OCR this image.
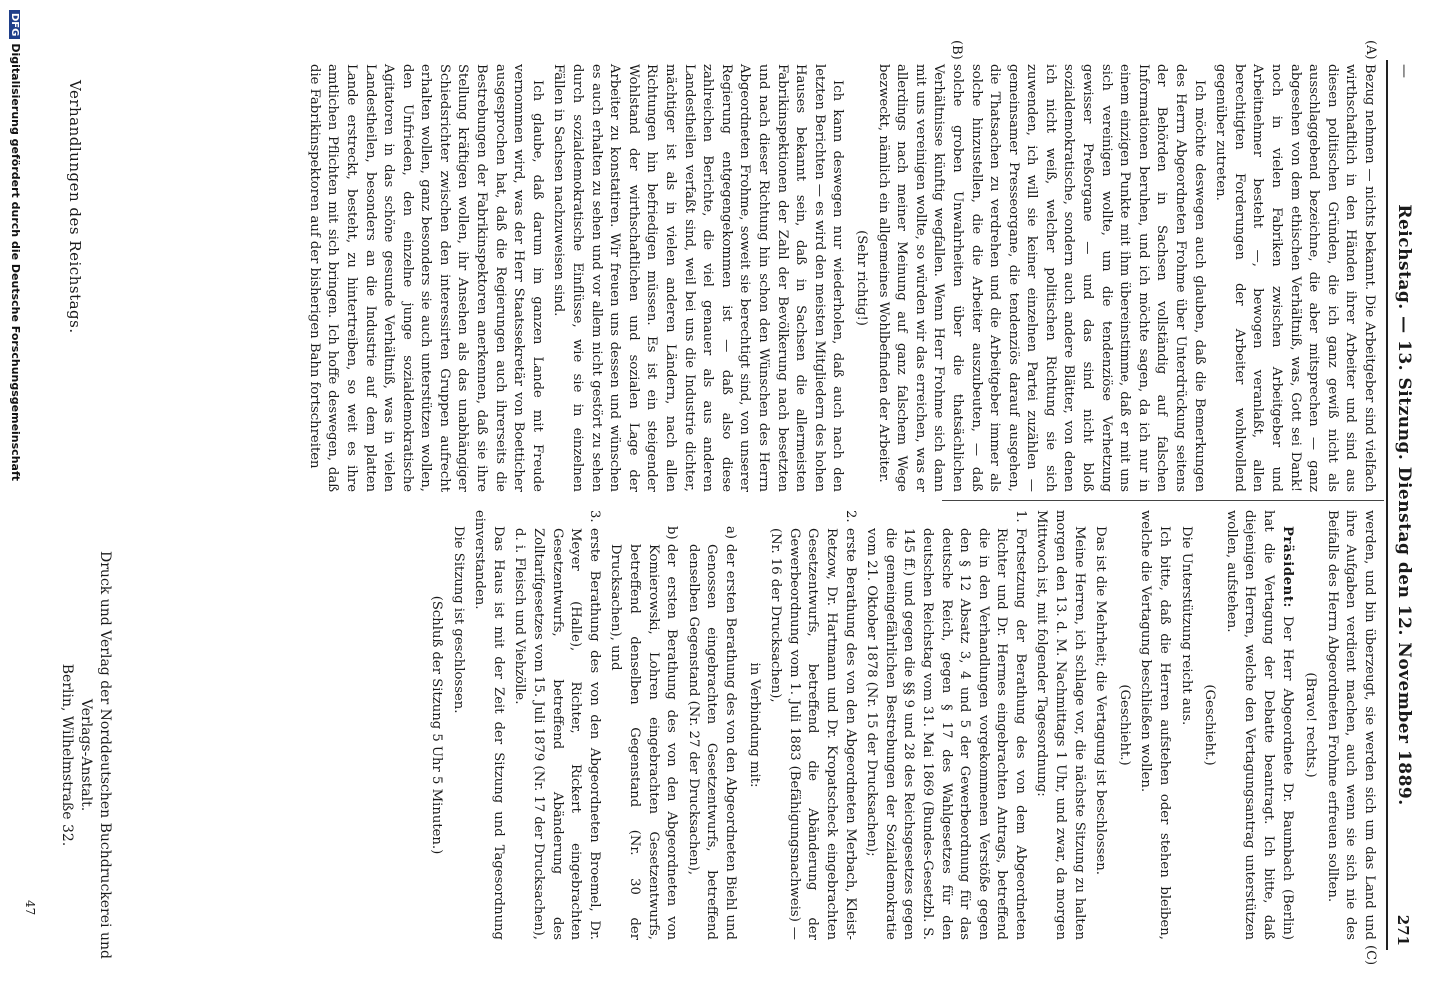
—
Reichstag. — 13. Sitzung. Dienstag den 12. November 1889.
271
(A)
(B)
(C)

Bezug nehmen — nichts bekannt. Die Arbeitgeber sind vielfach wirthschaftlich in den Händen ihrer Arbeiter und sind aus diesen politischen Gründen, die ich ganz gewiß nicht als ausschlaggebend bezeichne, die aber mitsprechen — ganz abgesehen von dem ethischen Verhältniß, was, Gott sei Dank! noch in vielen Fabriken zwischen Arbeitgeber und Arbeitnehmer besteht —, bewogen veranlaßt, allen berechtigten Forderungen der Arbeiter wohlwollend gegenüber zutreten.

Ich möchte deswegen auch glauben, daß die Bemerkungen des Herrn Abgeordneten Frohme über Unterdrückung seitens der Behörden in Sachsen vollständig auf falschen Informationen beruhen, und ich möchte sagen, da ich nur in einem einzigen Punkte mit ihm übereinstimme, daß er mit uns sich vereinigen wollte, um die tendenziöse Verhetzung gewisser Preßorgane — und das sind nicht bloß sozialdemokratische, sondern auch andere Blätter, von denen ich nicht weiß, welcher politischen Richtung sie sich zuwenden, ich will sie keiner einzelnen Partei zuzählen — gemeinsamer Presseorgane, die tendenziös darauf ausgehen, die Thatsachen zu verdrehen und die Arbeitgeber immer als solche hinzustellen, die die Arbeiter auszubeuten, — daß solche groben Unwahrheiten über die thatsächlichen Verhältnisse künftig wegfallen. Wenn Herr Frohme sich dann mit uns vereinigen wollte, so würden wir das erreichen, was er allerdings nach meiner Meinung auf ganz falschem Wege bezweckt, nämlich ein allgemeines Wohlbefinden der Arbeiter.

(Sehr richtig!)

Ich kann deswegen nur wiederholen, daß auch nach den letzten Berichten — es wird den meisten Mitgliedern des hohen Hauses bekannt sein, daß in Sachsen die allermeisten Fabrikinspektionen der Zahl der Bevölkerung nach besetzten und nach dieser Richtung hin schon den Wünschen des Herrn Abgeordneten Frohme, soweit sie berechtigt sind, von unserer Regierung entgegengekommen ist — daß also diese zahlreichen Berichte, die viel genauer als aus anderen Landestheilen verfaßt sind, weil bei uns die Industrie dichter, mächtiger ist als in vielen anderen Ländern, nach allen Richtungen hin befriedigen müssen. Es ist ein steigender Wohlstand der wirthschaftlichen und sozialen Lage der Arbeiter zu konstatiren. Wir freuen uns dessen und wünschen es auch erhalten zu sehen und vor allem nicht gestört zu sehen durch sozialdemokratische Einflüsse, wie sie in einzelnen Fällen in Sachsen nachzuweisen sind.

Ich glaube, daß darum im ganzen Lande mit Freude vernommen wird, was der Herr Staatssekretär von Boetticher ausgesprochen hat, daß die Regierungen auch ihrerseits die Bestrebungen der Fabrikinspektoren anerkennen, daß sie ihre Stellung kräftigen wollen, ihr Ansehen als das unabhängiger Schiedsrichter zwischen den interessirten Gruppen aufrecht erhalten wollen, ganz besonders sie auch unterstützen wollen, den Unfrieden, den einzelne junge sozialdemokratische Agitatoren in das schöne gesunde Verhältniß, was in vielen Landestheilen, besonders an die Industrie auf dem platten Lande erstreckt, besteht, zu hintertreiben, so weit es ihre amtlichen Pflichten mit sich bringen. Ich hoffe deswegen, daß die Fabrikinspektoren auf der bisherigen Bahn fortschreiten

werden, und bin überzeugt, sie werden sich um das Land und ihre Aufgaben verdient machen, auch wenn sie sich nie des Beifalls des Herrn Abgeordneten Frohme erfreuen sollten.

(Bravo! rechts.)

Präsident: Der Herr Abgeordnete Dr. Baumbach (Berlin) hat die Vertagung der Debatte beantragt. Ich bitte, daß diejenigen Herren, welche den Vertagungsantrag unterstützen wollen, aufstehen.

(Geschieht.)

Die Unterstützung reicht aus.

Ich bitte, daß die Herren aufstehen oder stehen bleiben, welche die Vertagung beschließen wollen.

(Geschieht.)

Das ist die Mehrheit; die Vertagung ist beschlossen.

Meine Herren, ich schlage vor, die nächste Sitzung zu halten morgen den 13. d. M. Nachmittags 1 Uhr, und zwar, da morgen Mittwoch ist, mit folgender Tagesordnung:

1.
Fortsetzung der Berathung des von dem Abgeordneten Richter und Dr. Hermes eingebrachten Antrags, betreffend die in den Verhandlungen vorgekommenen Verstöße gegen den § 12 Absatz 3, 4 und 5 der Gewerbeordnung für das deutsche Reich, gegen § 17 des Wahlgesetzes für den deutschen Reichstag vom 31. Mai 1869 (Bundes-Gesetzbl. S. 145 ff.) und gegen die §§ 9 und 28 des Reichsgesetzes gegen die gemeingefährlichen Bestrebungen der Sozialdemokratie vom 21. Oktober 1878 (Nr. 15 der Drucksachen);

2.
erste Berathung des von den Abgeordneten Merbach, Kleist-Retzow, Dr. Hartmann und Dr. Kropatscheck eingebrachten Gesetzentwurfs, betreffend die Abänderung der Gewerbeordnung vom 1. Juli 1883 (Befähigungsnachweis) — (Nr. 16 der Drucksachen),

in Verbindung mit:

a)
der ersten Berathung des von den Abgeordneten Biehl und Genossen eingebrachten Gesetzentwurfs, betreffend denselben Gegenstand (Nr. 27 der Drucksachen),

b)
der ersten Berathung des von den Abgeordneten von Komierowski, Lohren eingebrachten Gesetzentwurfs, betreffend denselben Gegenstand (Nr. 30 der Drucksachen), und

3.
erste Berathung des von den Abgeordneten Broemel, Dr. Meyer (Halle), Richter, Rickert eingebrachten Gesetzentwurfs, betreffend Abänderung des Zolltarifgesetzes vom 15. Juli 1879 (Nr. 17 der Drucksachen), d. i. Fleisch und Viehzölle.

Das Haus ist mit der Zeit der Sitzung und Tagesordnung einverstanden.

Die Sitzung ist geschlossen.

(Schluß der Sitzung 5 Uhr 5 Minuten.)

Verhandlungen des Reichstags.
Druck und Verlag der Norddeutschen Buchdruckerei und Verlags-Anstalt.
Berlin, Wilhelmstraße 32.
47
DFGDigitalisierung gefördert durch die Deutsche Forschungsgemeinschaft
